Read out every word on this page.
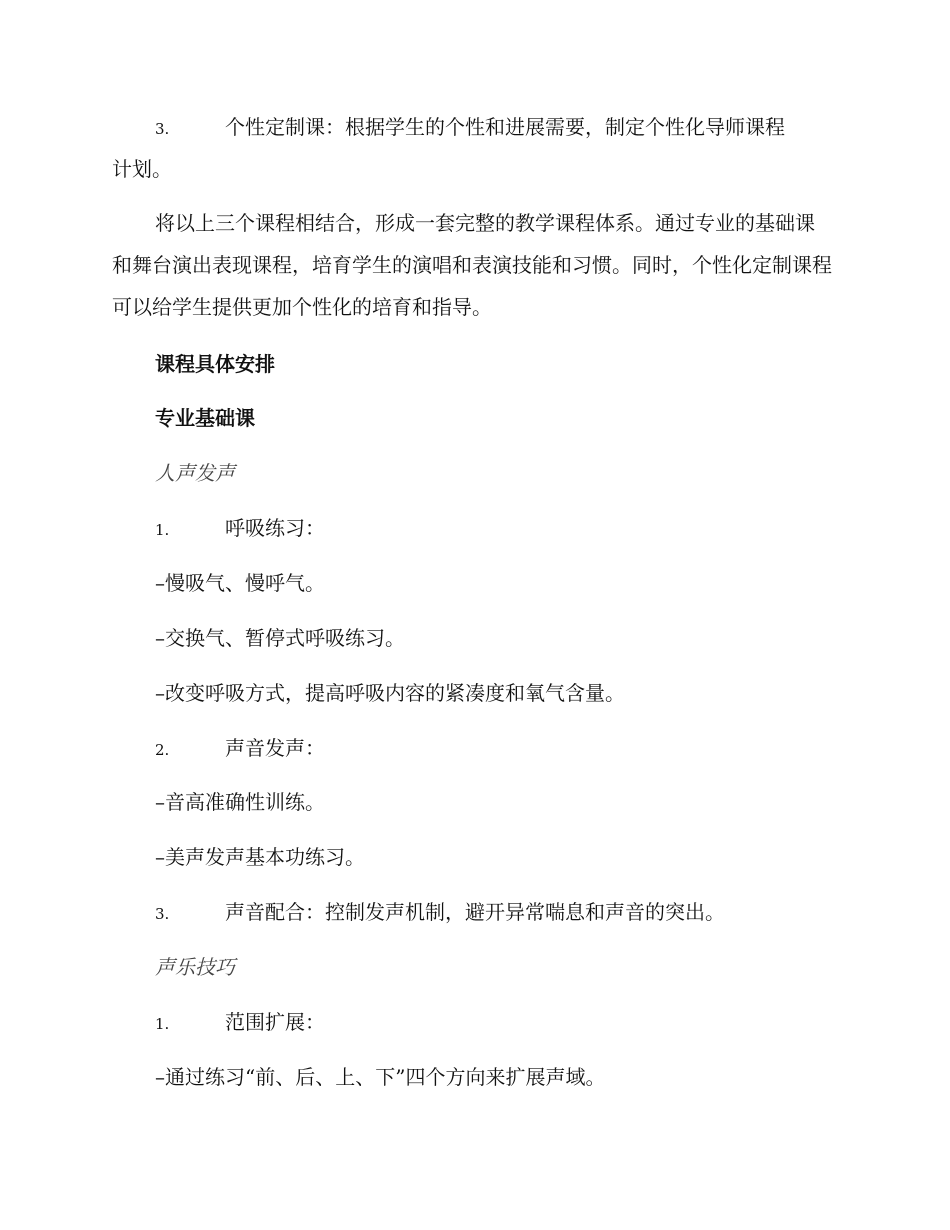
3.	个性定制课：根据学生的个性和进展需要，制定个性化导师课程
计划。

将以上三个课程相结合，形成一套完整的教学课程体系。通过专业的基础课和舞台演出表现课程，培育学生的演唱和表演技能和习惯。同时，个性化定制课程可以给学生提供更加个性化的培育和指导。

课程具体安排
专业基础课
人声发声
1.	呼吸练习：
–慢吸气、慢呼气。
–交换气、暂停式呼吸练习。
–改变呼吸方式，提高呼吸内容的紧凑度和氧气含量。
2.	声音发声：
–音高准确性训练。
–美声发声基本功练习。
3.	声音配合：控制发声机制，避开异常喘息和声音的突出。
声乐技巧
1.	范围扩展：
–通过练习“前、后、上、下”四个方向来扩展声域。
